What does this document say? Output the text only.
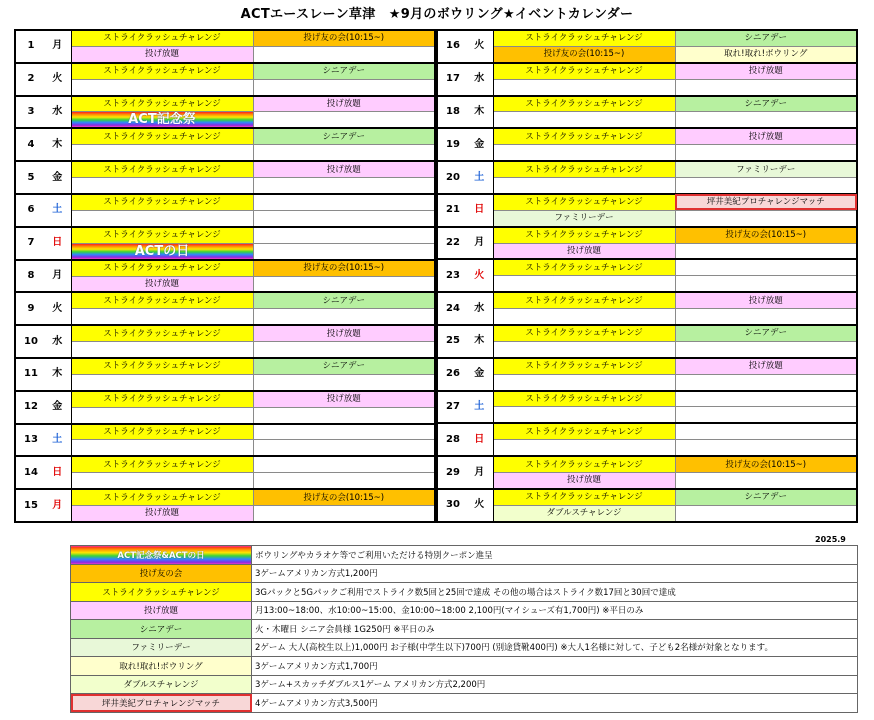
ACTエースレーン草津　★9月のボウリング★イベントカレンダー
1	月	ストライクラッシュチャレンジ	投げ友の会(10:15~)
		投げ放題	
2	火	ストライクラッシュチャレンジ	シニアデー

3	水	ストライクラッシュチャレンジ	投げ放題

		ACT記念祭	

4	木	ストライクラッシュチャレンジ	シニアデー

5	金	ストライクラッシュチャレンジ	投げ放題

6	土	ストライクラッシュチャレンジ	

7	日	ストライクラッシュチャレンジ	

		ACTの日	

8	月	ストライクラッシュチャレンジ	投げ友の会(10:15~)
		投げ放題	
9	火	ストライクラッシュチャレンジ	シニアデー

10	水	ストライクラッシュチャレンジ	投げ放題

11	木	ストライクラッシュチャレンジ	シニアデー

12	金	ストライクラッシュチャレンジ	投げ放題

13	土	ストライクラッシュチャレンジ	

14	日	ストライクラッシュチャレンジ	

15	月	ストライクラッシュチャレンジ	投げ友の会(10:15~)
		投げ放題	
16	火	ストライクラッシュチャレンジ	シニアデー
		投げ友の会(10:15~)	取れ!取れ!ボウリング
17	水	ストライクラッシュチャレンジ	投げ放題

18	木	ストライクラッシュチャレンジ	シニアデー

19	金	ストライクラッシュチャレンジ	投げ放題

20	土	ストライクラッシュチャレンジ	ファミリーデー

21	日	ストライクラッシュチャレンジ	坪井美紀プロチャレンジマッチ
		ファミリーデー	
22	月	ストライクラッシュチャレンジ	投げ友の会(10:15~)
		投げ放題	
23	火	ストライクラッシュチャレンジ	

24	水	ストライクラッシュチャレンジ	投げ放題

25	木	ストライクラッシュチャレンジ	シニアデー

26	金	ストライクラッシュチャレンジ	投げ放題

27	土	ストライクラッシュチャレンジ	

28	日	ストライクラッシュチャレンジ	

29	月	ストライクラッシュチャレンジ	投げ友の会(10:15~)
		投げ放題	
30	火	ストライクラッシュチャレンジ	シニアデー
		ダブルスチャレンジ	
2025.9
ACT記念祭&ACTの日	ボウリングやカラオケ等でご利用いただける特別クーポン進呈
投げ友の会	3ゲームアメリカン方式1,200円
ストライクラッシュチャレンジ	3Gパックと5Gパックご利用でストライク数5回と25回で達成 その他の場合はストライク数17回と30回で達成
投げ放題	月13:00~18:00、水10:00~15:00、金10:00~18:00 2,100円(マイシューズ有1,700円) ※平日のみ
シニアデー	火・木曜日 シニア会員様 1G250円 ※平日のみ
ファミリーデー	2ゲーム 大人(高校生以上)1,000円 お子様(中学生以下)700円 (別途貸靴400円) ※大人1名様に対して、子ども2名様が対象となります。
取れ!取れ!ボウリング	3ゲームアメリカン方式1,700円
ダブルスチャレンジ	3ゲーム+スカッチダブルス1ゲーム アメリカン方式2,200円
坪井美紀プロチャレンジマッチ	4ゲームアメリカン方式3,500円
